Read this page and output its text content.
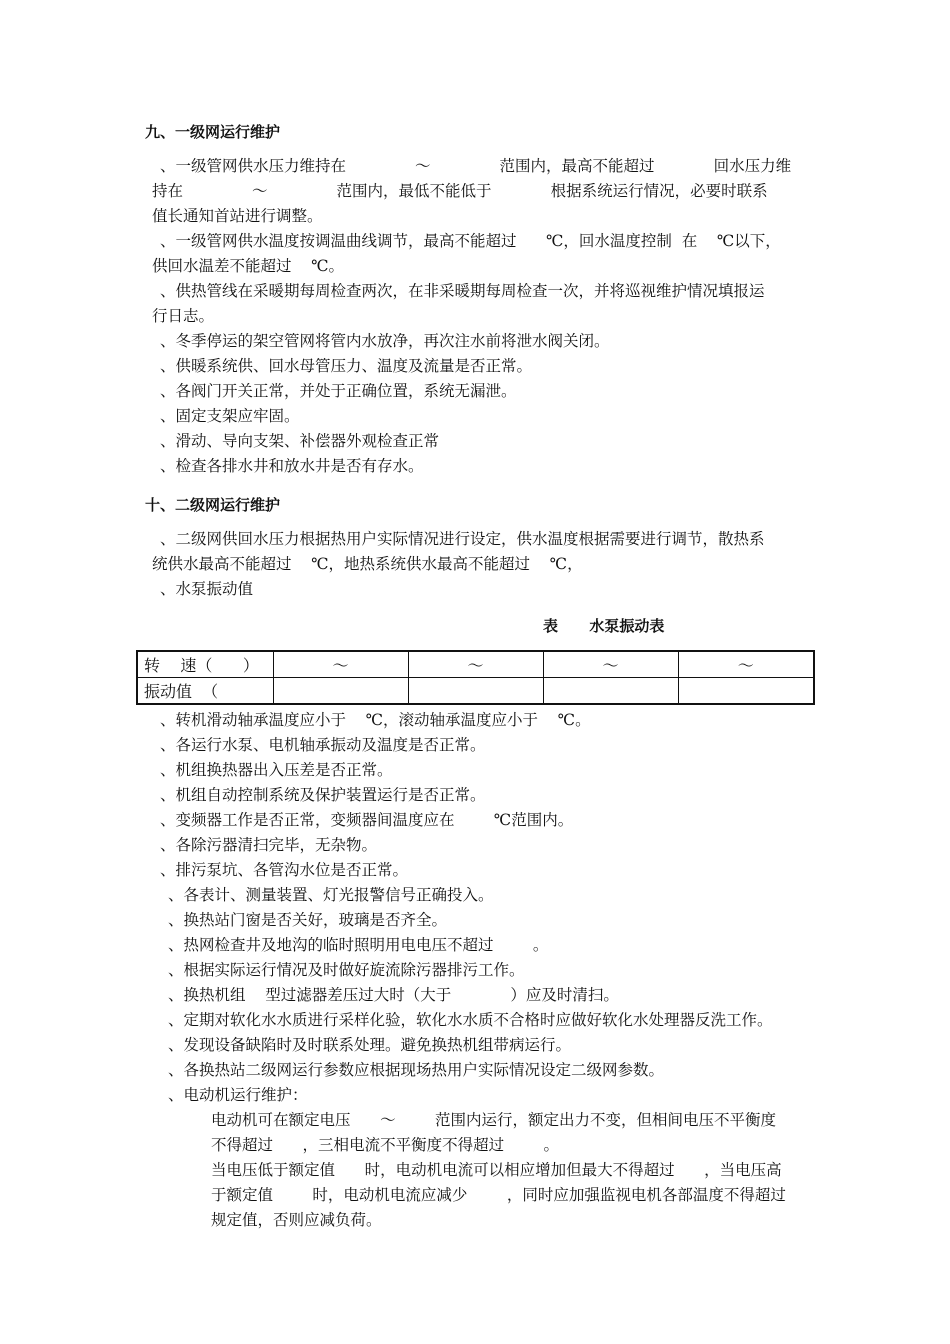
九、一级网运行维护
、一级管网供水压力维持在              ～              范围内，最高不能超过            回水压力维
持在              ～              范围内，最低不能低于            根据系统运行情况，必要时联系
值长通知首站进行调整。
、一级管网供水温度按调温曲线调节，最高不能超过      ℃，回水温度控制  在    ℃以下，
供回水温差不能超过    ℃。
、供热管线在采暖期每周检查两次，在非采暖期每周检查一次，并将巡视维护情况填报运
行日志。
、冬季停运的架空管网将管内水放净，再次注水前将泄水阀关闭。
、供暖系统供、回水母管压力、温度及流量是否正常。
、各阀门开关正常，并处于正确位置，系统无漏泄。
、固定支架应牢固。
、滑动、导向支架、补偿器外观检查正常
、检查各排水井和放水井是否有存水。
十、二级网运行维护
、二级网供回水压力根据热用户实际情况进行设定，供水温度根据需要进行调节，散热系
统供水最高不能超过    ℃，地热系统供水最高不能超过    ℃，
、水泵振动值
表      水泵振动表
转    速（      ）	～	～	～	～
振动值  （				
、转机滑动轴承温度应小于    ℃，滚动轴承温度应小于    ℃。
、各运行水泵、电机轴承振动及温度是否正常。
、机组换热器出入压差是否正常。
、机组自动控制系统及保护装置运行是否正常。
、变频器工作是否正常，变频器间温度应在        ℃范围内。
、各除污器清扫完毕，无杂物。
、排污泵坑、各管沟水位是否正常。
、各表计、测量装置、灯光报警信号正确投入。
、换热站门窗是否关好，玻璃是否齐全。
、热网检查井及地沟的临时照明用电电压不超过        。
、根据实际运行情况及时做好旋流除污器排污工作。
、换热机组    型过滤器差压过大时（大于            ）应及时清扫。
、定期对软化水水质进行采样化验，软化水水质不合格时应做好软化水处理器反洗工作。
、发现设备缺陷时及时联系处理。避免换热机组带病运行。
、各换热站二级网运行参数应根据现场热用户实际情况设定二级网参数。
、电动机运行维护：
电动机可在额定电压      ～        范围内运行，额定出力不变，但相间电压不平衡度
不得超过      ，三相电流不平衡度不得超过        。
当电压低于额定值      时，电动机电流可以相应增加但最大不得超过      ，当电压高
于额定值        时，电动机电流应减少        ，同时应加强监视电机各部温度不得超过
规定值，否则应减负荷。
